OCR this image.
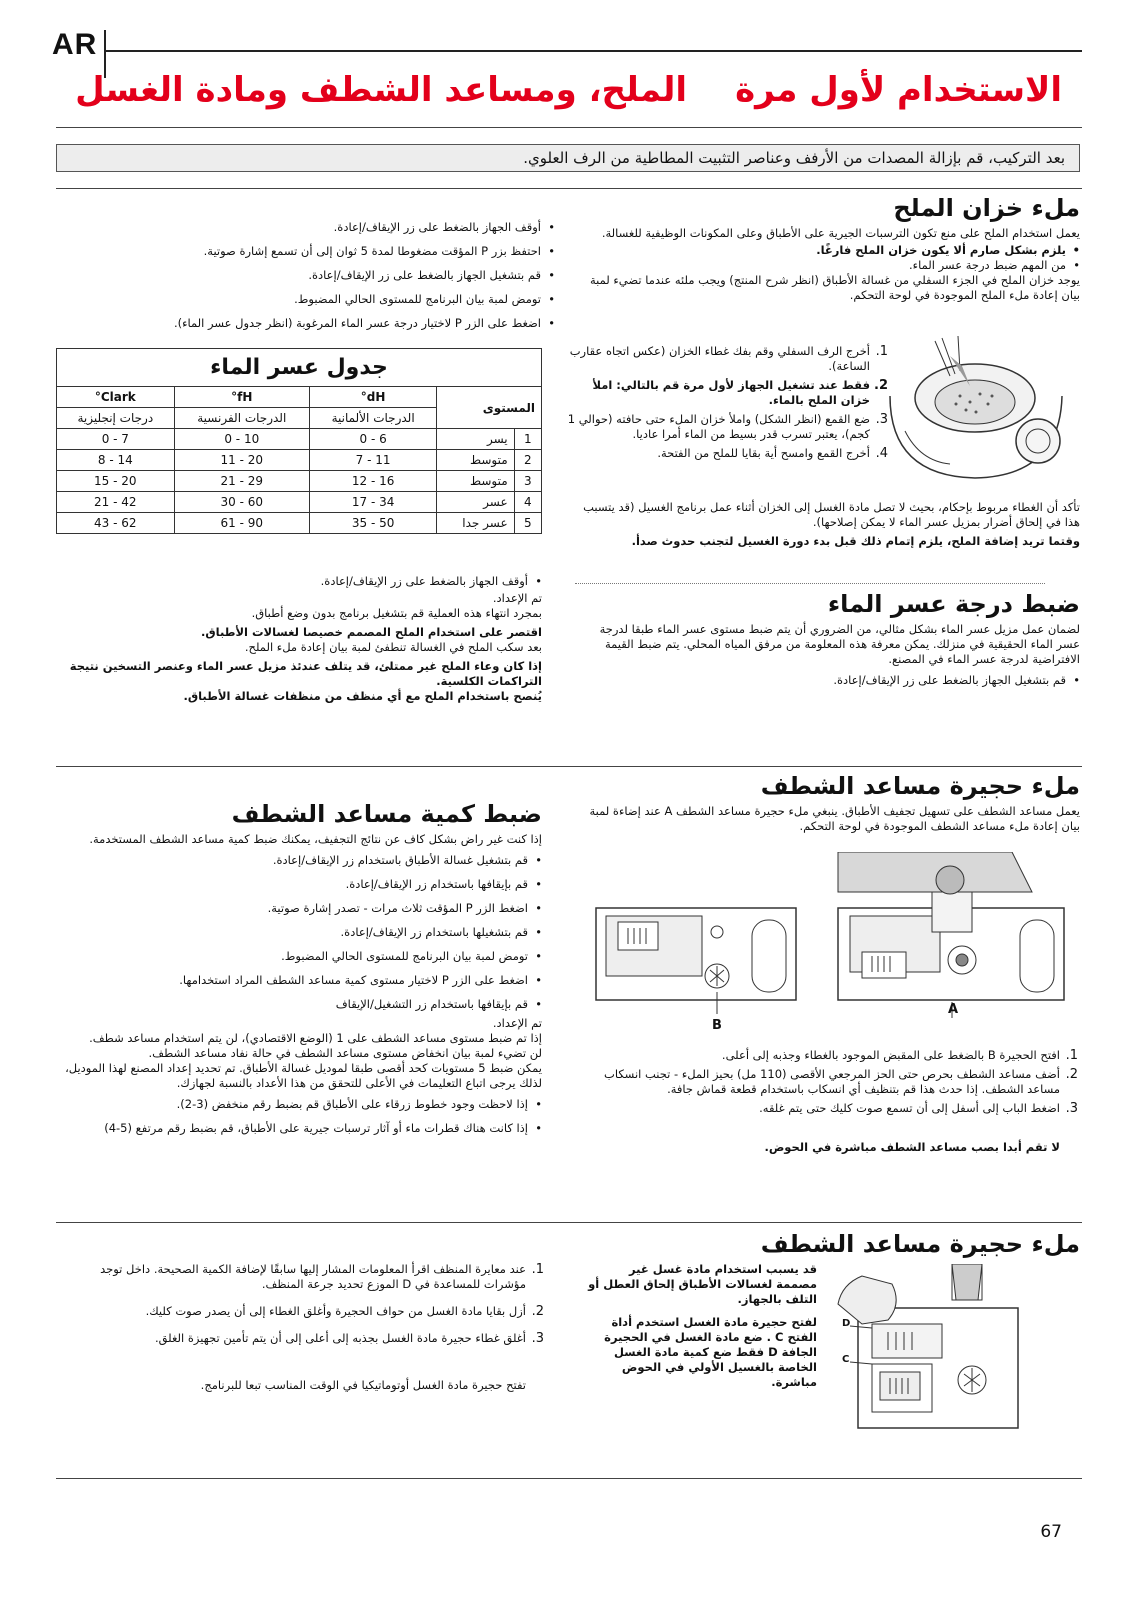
AR
الاستخدام لأول مرةالملح، ومساعد الشطف ومادة الغسل
بعد التركيب، قم بإزالة المصدات من الأرفف وعناصر التثبيت المطاطية من الرف العلوي.
ملء خزان الملح

يعمل استخدام الملح على منع تكون الترسبات الجيرية على الأطباق وعلى المكونات الوظيفية للغسالة.

• يلزم بشكل صارم ألا يكون خزان الملح فارغًا.
• من المهم ضبط درجة عسر الماء.

يوجد خزان الملح في الجزء السفلي من غسالة الأطباق (انظر شرح المنتج) ويجب ملئه عندما تضيء لمبة بيان إعادة ملء الملح الموجودة في لوحة التحكم.

1.
أخرج الرف السفلي وقم بفك غطاء الخزان (عكس اتجاه عقارب الساعة).
2.
فقط عند تشغيل الجهاز لأول مرة قم بالتالي: املأ خزان الملح بالماء.
3.
ضع القمع (انظر الشكل) واملأ خزان الملء حتى حافته (حوالي 1 كجم)، يعتبر تسرب قدر بسيط من الماء أمرا عاديا.
4.
أخرج القمع وامسح أية بقايا للملح من الفتحة.

تأكد أن الغطاء مربوط بإحكام، بحيث لا تصل مادة الغسل إلى الخزان أثناء عمل برنامج الغسيل (قد يتسبب هذا في إلحاق أضرار بمزيل عسر الماء لا يمكن إصلاحها).

وقتما تريد إضافة الملح، يلزم إتمام ذلك قبل بدء دورة الغسيل لتجنب حدوث صدأ.

ضبط درجة عسر الماء

لضمان عمل مزيل عسر الماء بشكل مثالي، من الضروري أن يتم ضبط مستوى عسر الماء طبقا لدرجة عسر الماء الحقيقية في منزلك. يمكن معرفة هذه المعلومة من مرفق المياه المحلي. يتم ضبط القيمة الافتراضية لدرجة عسر الماء في المصنع.

• قم بتشغيل الجهاز بالضغط على زر الإيقاف/إعادة.
• أوقف الجهاز بالضغط على زر الإيقاف/إعادة.
• احتفظ بزر P المؤقت مضغوطا لمدة 5 ثوان إلى أن تسمع إشارة صوتية.
• قم بتشغيل الجهاز بالضغط على زر الإيقاف/إعادة.
• تومض لمبة بيان البرنامج للمستوى الحالي المضبوط.
• اضغط على الزر P لاختيار درجة عسر الماء المرغوبة (انظر جدول عسر الماء).
جدول عسر الماء				
المستوى		dH°	fH°	Clark°
		الدرجات الألمانية	الدرجات الفرنسية	درجات إنجليزية
1	يسر	6 - 0	10 - 0	7 - 0
2	متوسط	11 - 7	20 - 11	14 - 8
3	متوسط	16 - 12	29 - 21	20 - 15
4	عسر	34 - 17	60 - 30	42 - 21
5	عسر جدا	50 - 35	90 - 61	62 - 43
• أوقف الجهاز بالضغط على زر الإيقاف/إعادة.

تم الإعداد.

بمجرد انتهاء هذه العملية قم بتشغيل برنامج بدون وضع أطباق.

اقتصر على استخدام الملح المصمم خصيصا لغسالات الأطباق.

بعد سكب الملح في الغسالة تنطفئ لمبة بيان إعادة ملء الملح.

إذا كان وعاء الملح غير ممتلئ، قد يتلف عندئذ مزيل عسر الماء وعنصر التسخين نتيجة التراكمات الكلسية.

يُنصح باستخدام الملح مع أي منظف من منظفات غسالة الأطباق.

ملء حجيرة مساعد الشطف

يعمل مساعد الشطف على تسهيل تجفيف الأطباق. ينبغي ملء حجيرة مساعد الشطف A عند إضاءة لمبة بيان إعادة ملء مساعد الشطف الموجودة في لوحة التحكم.

B
A
1.
افتح الحجيرة B بالضغط على المقبض الموجود بالغطاء وجذبه إلى أعلى.
2.
أضف مساعد الشطف بحرص حتى الحز المرجعي الأقصى (110 مل) بحيز الملء - تجنب انسكاب مساعد الشطف. إذا حدث هذا قم بتنظيف أي انسكاب باستخدام قطعة قماش جافة.
3.
اضغط الباب إلى أسفل إلى أن تسمع صوت كليك حتى يتم غلقه.

لا تقم أبدا بصب مساعد الشطف مباشرة في الحوض.

ضبط كمية مساعد الشطف

إذا كنت غير راض بشكل كاف عن نتائج التجفيف، يمكنك ضبط كمية مساعد الشطف المستخدمة.

• قم بتشغيل غسالة الأطباق باستخدام زر الإيقاف/إعادة.
• قم بإيقافها باستخدام زر الإيقاف/إعادة.
• اضغط الزر P المؤقت ثلاث مرات - تصدر إشارة صوتية.
• قم بتشغيلها باستخدام زر الإيقاف/إعادة.
• تومض لمبة بيان البرنامج للمستوى الحالي المضبوط.
• اضغط على الزر P لاختيار مستوى كمية مساعد الشطف المراد استخدامها.
• قم بإيقافها باستخدام زر التشغيل/الإيقاف

تم الإعداد.

إذا تم ضبط مستوى مساعد الشطف على 1 (الوضع الاقتصادي)، لن يتم استخدام مساعد شطف.

لن تضيء لمبة بيان انخفاض مستوى مساعد الشطف في حالة نفاد مساعد الشطف.

يمكن ضبط 5 مستويات كحد أقصى طبقا لموديل غسالة الأطباق. تم تحديد إعداد المصنع لهذا الموديل، لذلك يرجى اتباع التعليمات في الأعلى للتحقق من هذا الأعداد بالنسبة لجهازك.

• إذا لاحظت وجود خطوط زرقاء على الأطباق قم بضبط رقم منخفض (3-2).
• إذا كانت هناك قطرات ماء أو آثار ترسبات جيرية على الأطباق، قم بضبط رقم مرتفع (5-4)
ملء حجيرة مساعد الشطف

قد يسبب استخدام مادة غسل غير مصممة لغسالات الأطباق إلحاق العطل أو التلف بالجهاز.

لفتح حجيرة مادة الغسل استخدم أداة الفتح C . ضع مادة الغسل في الحجيرة الجافة D فقط ضع كمية مادة الغسل الخاصة بالغسيل الأولي في الحوض مباشرة.

D
C
1.
عند معايرة المنظف اقرأ المعلومات المشار إليها سابقًا لإضافة الكمية الصحيحة. داخل توجد مؤشرات للمساعدة في D الموزع تحديد جرعة المنظف.
2.
أزل بقايا مادة الغسل من حواف الحجيرة وأغلق الغطاء إلى أن يصدر صوت كليك.
3.
أغلق غطاء حجيرة مادة الغسل بجذبه إلى أعلى إلى أن يتم تأمين تجهيزة الغلق.

تفتح حجيرة مادة الغسل أوتوماتيكيا في الوقت المناسب تبعا للبرنامج.

67
